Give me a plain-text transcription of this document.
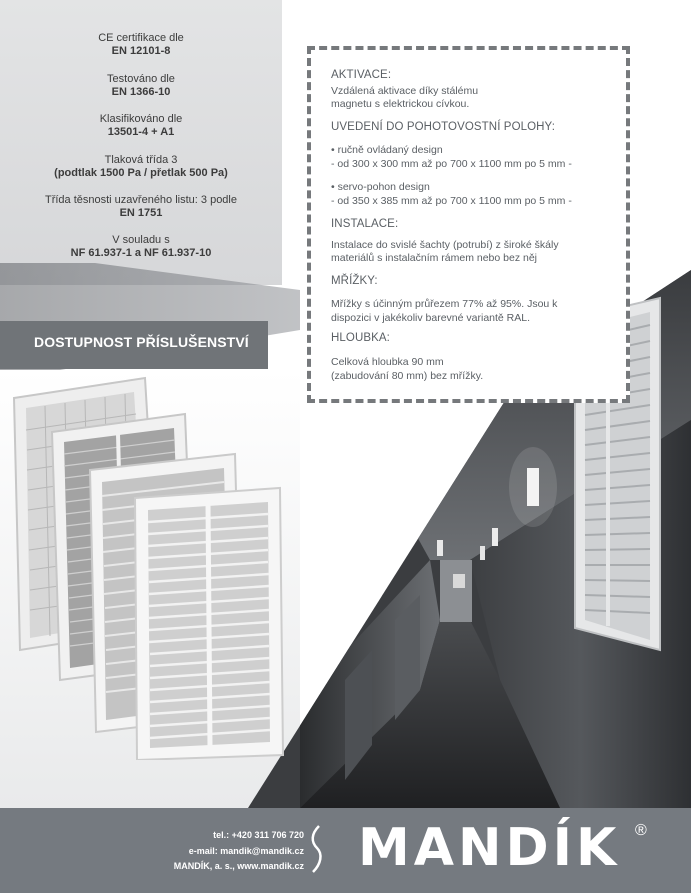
CE certifikace dle
EN 12101-8
Testováno dle
EN 1366-10
Klasifikováno dle
13501-4 + A1
Tlaková třída 3
(podtlak 1500 Pa / přetlak 500 Pa)
Třída těsnosti uzavřeného listu: 3 podle
EN 1751
V souladu s
NF 61.937-1 a NF 61.937-10
DOSTUPNOST PŘÍSLUŠENSTVÍ
AKTIVACE:
Vzdálená aktivace díky stálému
magnetu s elektrickou cívkou.
UVEDENÍ DO POHOTOVOSTNÍ POLOHY:
• ručně ovládaný design
- od 300 x 300 mm až po 700 x 1100 mm po 5 mm -
• servo-pohon design
- od 350 x 385 mm až po 700 x 1100 mm po 5 mm -
INSTALACE:
Instalace do svislé šachty (potrubí) z široké škály
materiálů s instalačním rámem nebo bez něj
MŘÍŽKY:
Mřížky s účinným průřezem 77% až 95%. Jsou k
dispozici v jakékoliv barevné variantě RAL.
HLOUBKA:
Celková hloubka 90 mm
(zabudování 80 mm) bez mřížky.
tel.: +420 311 706 720
e-mail: mandik@mandik.cz
MANDÍK, a. s., www.mandik.cz MANDÍK ®
